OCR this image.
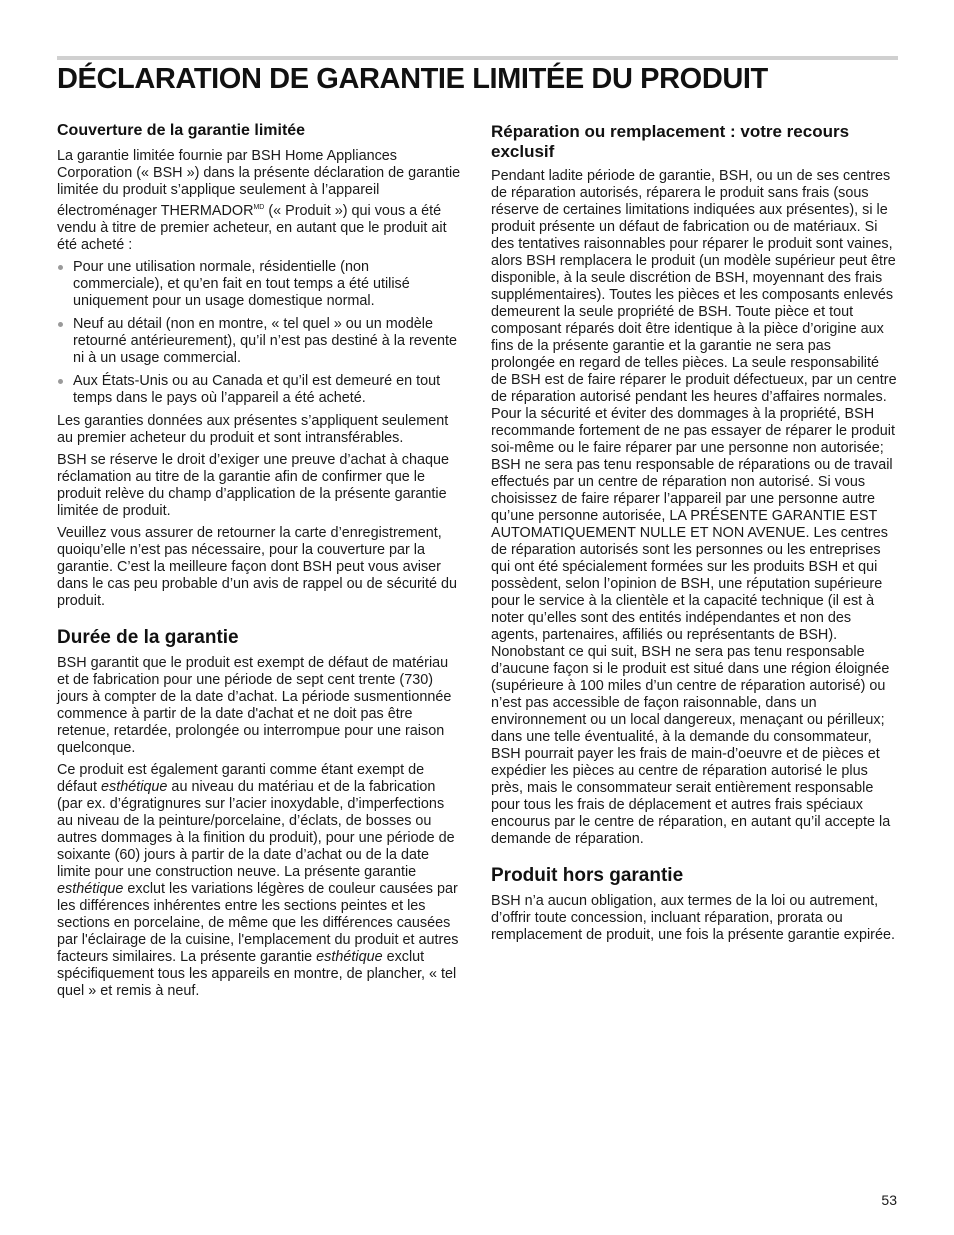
DÉCLARATION DE GARANTIE LIMITÉE DU PRODUIT
Couverture de la garantie limitée

La garantie limitée fournie par BSH Home Appliances Corporation (« BSH ») dans la présente déclaration de garantie limitée du produit s’applique seulement à l’appareil électroménager $THERMADOR^{MD}$ (« Produit ») qui vous a été vendu à titre de premier acheteur, en autant que le produit ait été acheté :

Pour une utilisation normale, résidentielle (non commerciale), et qu’en fait en tout temps a été utilisé uniquement pour un usage domestique normal.
Neuf au détail (non en montre, « tel quel » ou un modèle retourné antérieurement), qu’il n’est pas destiné à la revente ni à un usage commercial.
Aux États-Unis ou au Canada et qu’il est demeuré en tout temps dans le pays où l’appareil a été acheté.

Les garanties données aux présentes s’appliquent seulement au premier acheteur du produit et sont intransférables.

BSH se réserve le droit d’exiger une preuve d’achat à chaque réclamation au titre de la garantie afin de confirmer que le produit relève du champ d’application de la présente garantie limitée de produit.

Veuillez vous assurer de retourner la carte d’enregistrement, quoiqu’elle n’est pas nécessaire, pour la couverture par la garantie. C’est la meilleure façon dont BSH peut vous aviser dans le cas peu probable d’un avis de rappel ou de sécurité du produit.

Durée de la garantie

BSH garantit que le produit est exempt de défaut de matériau et de fabrication pour une période de sept cent trente (730) jours à compter de la date d’achat. La période susmentionnée commence à partir de la date d'achat et ne doit pas être retenue, retardée, prolongée ou interrompue pour une raison quelconque.

Ce produit est également garanti comme étant exempt de défaut esthétique au niveau du matériau et de la fabrication (par ex. d’égratignures sur l’acier inoxydable, d’imperfections au niveau de la peinture/porcelaine, d’éclats, de bosses ou autres dommages à la finition du produit), pour une période de soixante (60) jours à partir de la date d’achat ou de la date limite pour une construction neuve. La présente garantie esthétique exclut les variations légères de couleur causées par les différences inhérentes entre les sections peintes et les sections en porcelaine, de même que les différences causées par l'éclairage de la cuisine, l'emplacement du produit et autres facteurs similaires. La présente garantie esthétique exclut spécifiquement tous les appareils en montre, de plancher, « tel quel » et remis à neuf.

Réparation ou remplacement : votre recours exclusif

Pendant ladite période de garantie, BSH, ou un de ses centres de réparation autorisés, réparera le produit sans frais (sous réserve de certaines limitations indiquées aux présentes), si le produit présente un défaut de fabrication ou de matériaux. Si des tentatives raisonnables pour réparer le produit sont vaines, alors BSH remplacera le produit (un modèle supérieur peut être disponible, à la seule discrétion de BSH, moyennant des frais supplémentaires). Toutes les pièces et les composants enlevés demeurent la seule propriété de BSH. Toute pièce et tout composant réparés doit être identique à la pièce d’origine aux fins de la présente garantie et la garantie ne sera pas prolongée en regard de telles pièces. La seule responsabilité de BSH est de faire réparer le produit défectueux, par un centre de réparation autorisé pendant les heures d’affaires normales. Pour la sécurité et éviter des dommages à la propriété, BSH recommande fortement de ne pas essayer de réparer le produit soi-même ou le faire réparer par une personne non autorisée; BSH ne sera pas tenu responsable de réparations ou de travail effectués par un centre de réparation non autorisé. Si vous choisissez de faire réparer l’appareil par une personne autre qu’une personne autorisée, LA PRÉSENTE GARANTIE EST AUTOMATIQUEMENT NULLE ET NON AVENUE. Les centres de réparation autorisés sont les personnes ou les entreprises qui ont été spécialement formées sur les produits BSH et qui possèdent, selon l’opinion de BSH, une réputation supérieure pour le service à la clientèle et la capacité technique (il est à noter qu’elles sont des entités indépendantes et non des agents, partenaires, affiliés ou représentants de BSH). Nonobstant ce qui suit, BSH ne sera pas tenu responsable d’aucune façon si le produit est situé dans une région éloignée (supérieure à 100 miles d’un centre de réparation autorisé) ou n’est pas accessible de façon raisonnable, dans un environnement ou un local dangereux, menaçant ou périlleux; dans une telle éventualité, à la demande du consommateur, BSH pourrait payer les frais de main-d’oeuvre et de pièces et expédier les pièces au centre de réparation autorisé le plus près, mais le consommateur serait entièrement responsable pour tous les frais de déplacement et autres frais spéciaux encourus par le centre de réparation, en autant qu’il accepte la demande de réparation.

Produit hors garantie

BSH n’a aucun obligation, aux termes de la loi ou autrement, d’offrir toute concession, incluant réparation, prorata ou remplacement de produit, une fois la présente garantie expirée.

53
